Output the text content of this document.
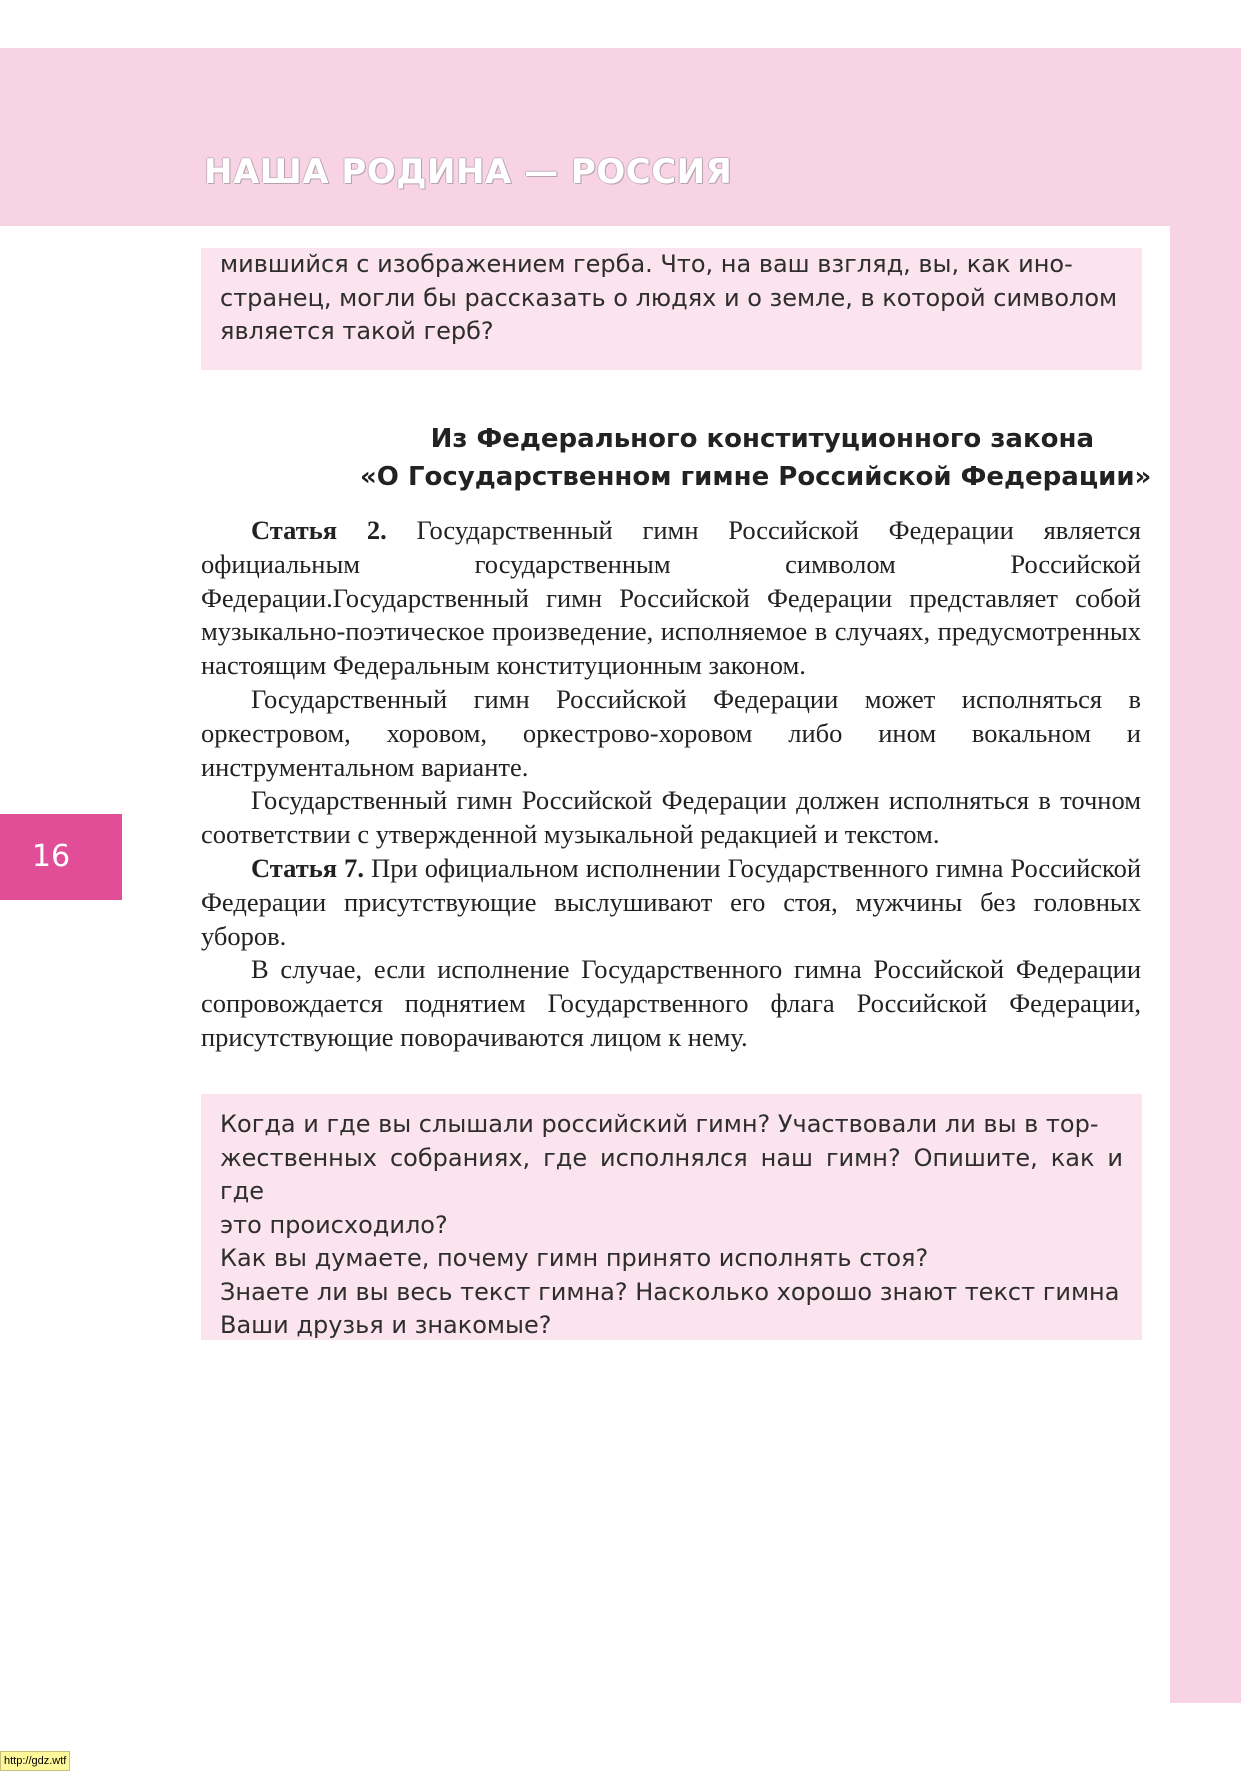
НАША РОДИНА — РОССИЯ
мившийся с изображением герба. Что, на ваш взгляд, вы, как ино-
странец, могли бы рассказать о людях и о земле, в которой символом
является такой герб?
Из Федерального конституционного закона
«О Государственном гимне Российской Федерации»

Статья 2. Государственный гимн Российской Федерации является официальным государственным символом Российской Федерации.Государственный гимн Российской Федерации представляет собой музыкально-поэтическое произведение, исполняемое в случаях, предусмотренных настоящим Федеральным конституционным законом.

Государственный гимн Российской Федерации может исполняться в оркестровом, хоровом, оркестрово-хоровом либо ином вокальном и инструментальном варианте.

Государственный гимн Российской Федерации должен исполняться в точном соответствии с утвержденной музыкальной редакцией и текстом.

Статья 7. При официальном исполнении Государственного гимна Российской Федерации присутствующие выслушивают его стоя, мужчины без головных уборов.

В случае, если исполнение Государственного гимна Российской Федерации сопровождается поднятием Государственного флага Российской Федерации, присутствующие поворачиваются лицом к нему.

Когда и где вы слышали российский гимн? Участвовали ли вы в тор-
жественных собраниях, где исполнялся наш гимн? Опишите, как и где
это происходило?
Как вы думаете, почему гимн принято исполнять стоя?
Знаете ли вы весь текст гимна? Насколько хорошо знают текст гимна
Ваши друзья и знакомые?
16
http://gdz.wtf
